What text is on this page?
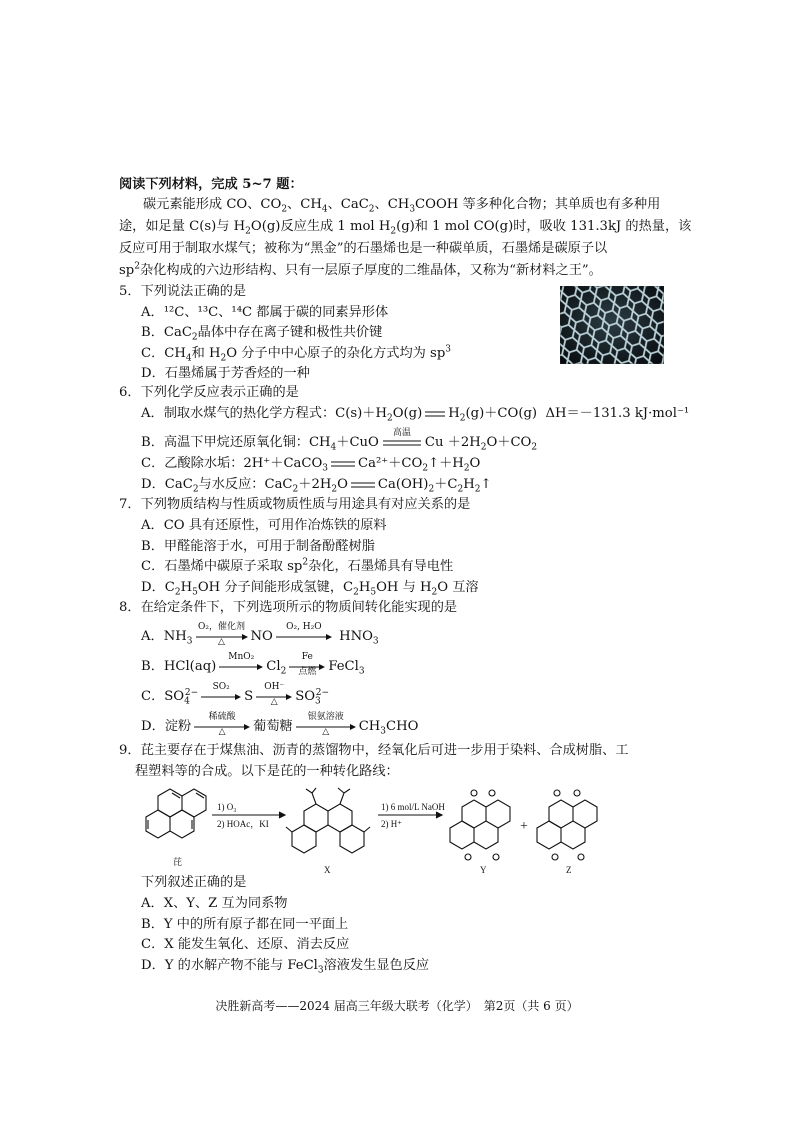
阅读下列材料，完成 5~7 题：
碳元素能形成 CO、$CO_2$、$CH_4$、CaC$_2$、$CH_3COOH$ 等多种化合物；其单质也有多种用
途，如足量 C(s)与 $H_2O(g)$反应生成 1 mol $H_2(g)$和 1 mol CO(g)时，吸收 131.3kJ 的热量，该
反应可用于制取水煤气；被称为“黑金”的石墨烯也是一种碳单质，石墨烯是碳原子以
$sp^2$杂化构成的六边形结构、只有一层原子厚度的二维晶体，又称为“新材料之王”。
5．下列说法正确的是
A．¹²C、¹³C、¹⁴C 都属于碳的同素异形体
B．CaC$_2$晶体中存在离子键和极性共价键
C．$CH_4$和 $H_2O$ 分子中中心原子的杂化方式均为 $sp^3$
D．石墨烯属于芳香烃的一种
6．下列化学反应表示正确的是
A．制取水煤气的热化学方程式：$C(s)+H_2O(g)$ $H_2(g)+CO(g)$ ΔH＝－131.3 kJ·mol⁻¹
B．高温下甲烷还原氧化铜：$CH_4+CuO$
高温
$Cu +2H_2O+CO_2$
C．乙酸除水垢：2H⁺＋CaCO$_3$ $Ca^{2+}+CO_2↑+H_2O$
D．CaC$_2$与水反应：$CaC_2+2H_2O$ $Ca(OH)_2+C_2H_2↑$
7．下列物质结构与性质或物质性质与用途具有对应关系的是
A．CO 具有还原性，可用作冶炼铁的原料
B．甲醛能溶于水，可用于制备酚醛树脂
C．石墨烯中碳原子采取 $sp^2$杂化，石墨烯具有导电性
D．$C_2H_5OH$ 分子间能形成氢键，$C_2H_5OH$ 与 $H_2O$ 互溶
8．在给定条件下，下列选项所示的物质间转化能实现的是
A．$NH_3$
O₂，催化剂
△	NO
O₂, H₂O
$HNO_3$
B．HCl(aq)
MnO₂
$Cl_2$
Fe
点燃 FeCl$_3$
C．$SO_4^{2-}$
SO₂
S
OH⁻
△	$SO_3^{2-}$
D．淀粉
稀硫酸
△	葡萄糖
银氨溶液
△	$CH_3CHO$
9．芘主要存在于煤焦油、沥青的蒸馏物中，经氧化后可进一步用于染料、合成树脂、工
程塑料等的合成。以下是芘的一种转化路线：
1) O₃
2) HOAc，KI
1) 6 mol/L NaOH
2) H⁺
芘
X	Y	Z
+
下列叙述正确的是
A．X、Y、Z 互为同系物
B．Y 中的所有原子都在同一平面上
C．X 能发生氧化、还原、消去反应
D．Y 的水解产物不能与 FeCl$_3$溶液发生显色反应
决胜新高考——2024 届高三年级大联考（化学）　第2页（共 6 页）
